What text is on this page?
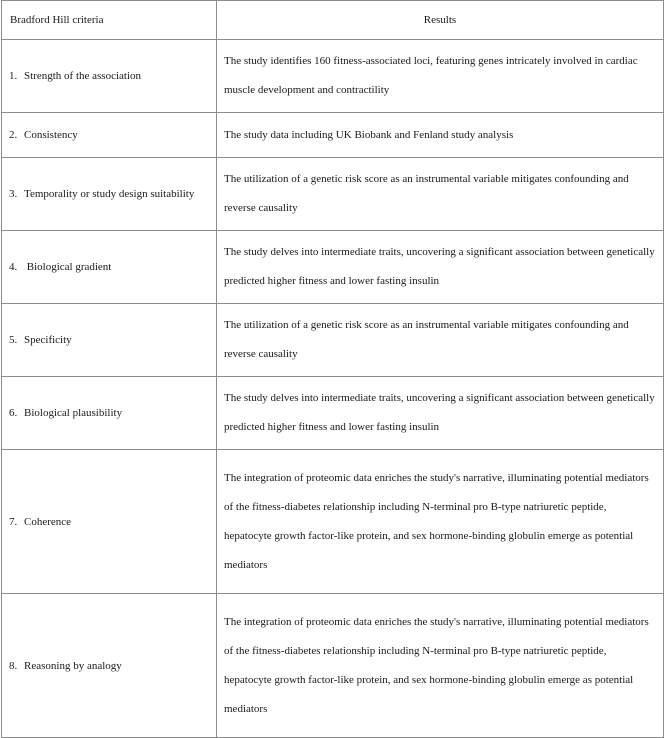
Bradford Hill criteria	Results
1. Strength of the association	The study identifies 160 fitness-associated loci, featuring genes intricately involved in cardiac muscle development and contractility
2. Consistency	The study data including UK Biobank and Fenland study analysis
3. Temporality or study design suitability	The utilization of a genetic risk score as an instrumental variable mitigates confounding and reverse causality
4. Biological gradient	The study delves into intermediate traits, uncovering a significant association between genetically predicted higher fitness and lower fasting insulin
5. Specificity	The utilization of a genetic risk score as an instrumental variable mitigates confounding and reverse causality
6. Biological plausibility	The study delves into intermediate traits, uncovering a significant association between genetically predicted higher fitness and lower fasting insulin
7. Coherence	The integration of proteomic data enriches the study's narrative, illuminating potential mediators of the fitness-diabetes relationship including N-terminal pro B-type natriuretic peptide, hepatocyte growth factor-like protein, and sex hormone-binding globulin emerge as potential mediators
8. Reasoning by analogy	The integration of proteomic data enriches the study's narrative, illuminating potential mediators of the fitness-diabetes relationship including N-terminal pro B-type natriuretic peptide, hepatocyte growth factor-like protein, and sex hormone-binding globulin emerge as potential mediators
